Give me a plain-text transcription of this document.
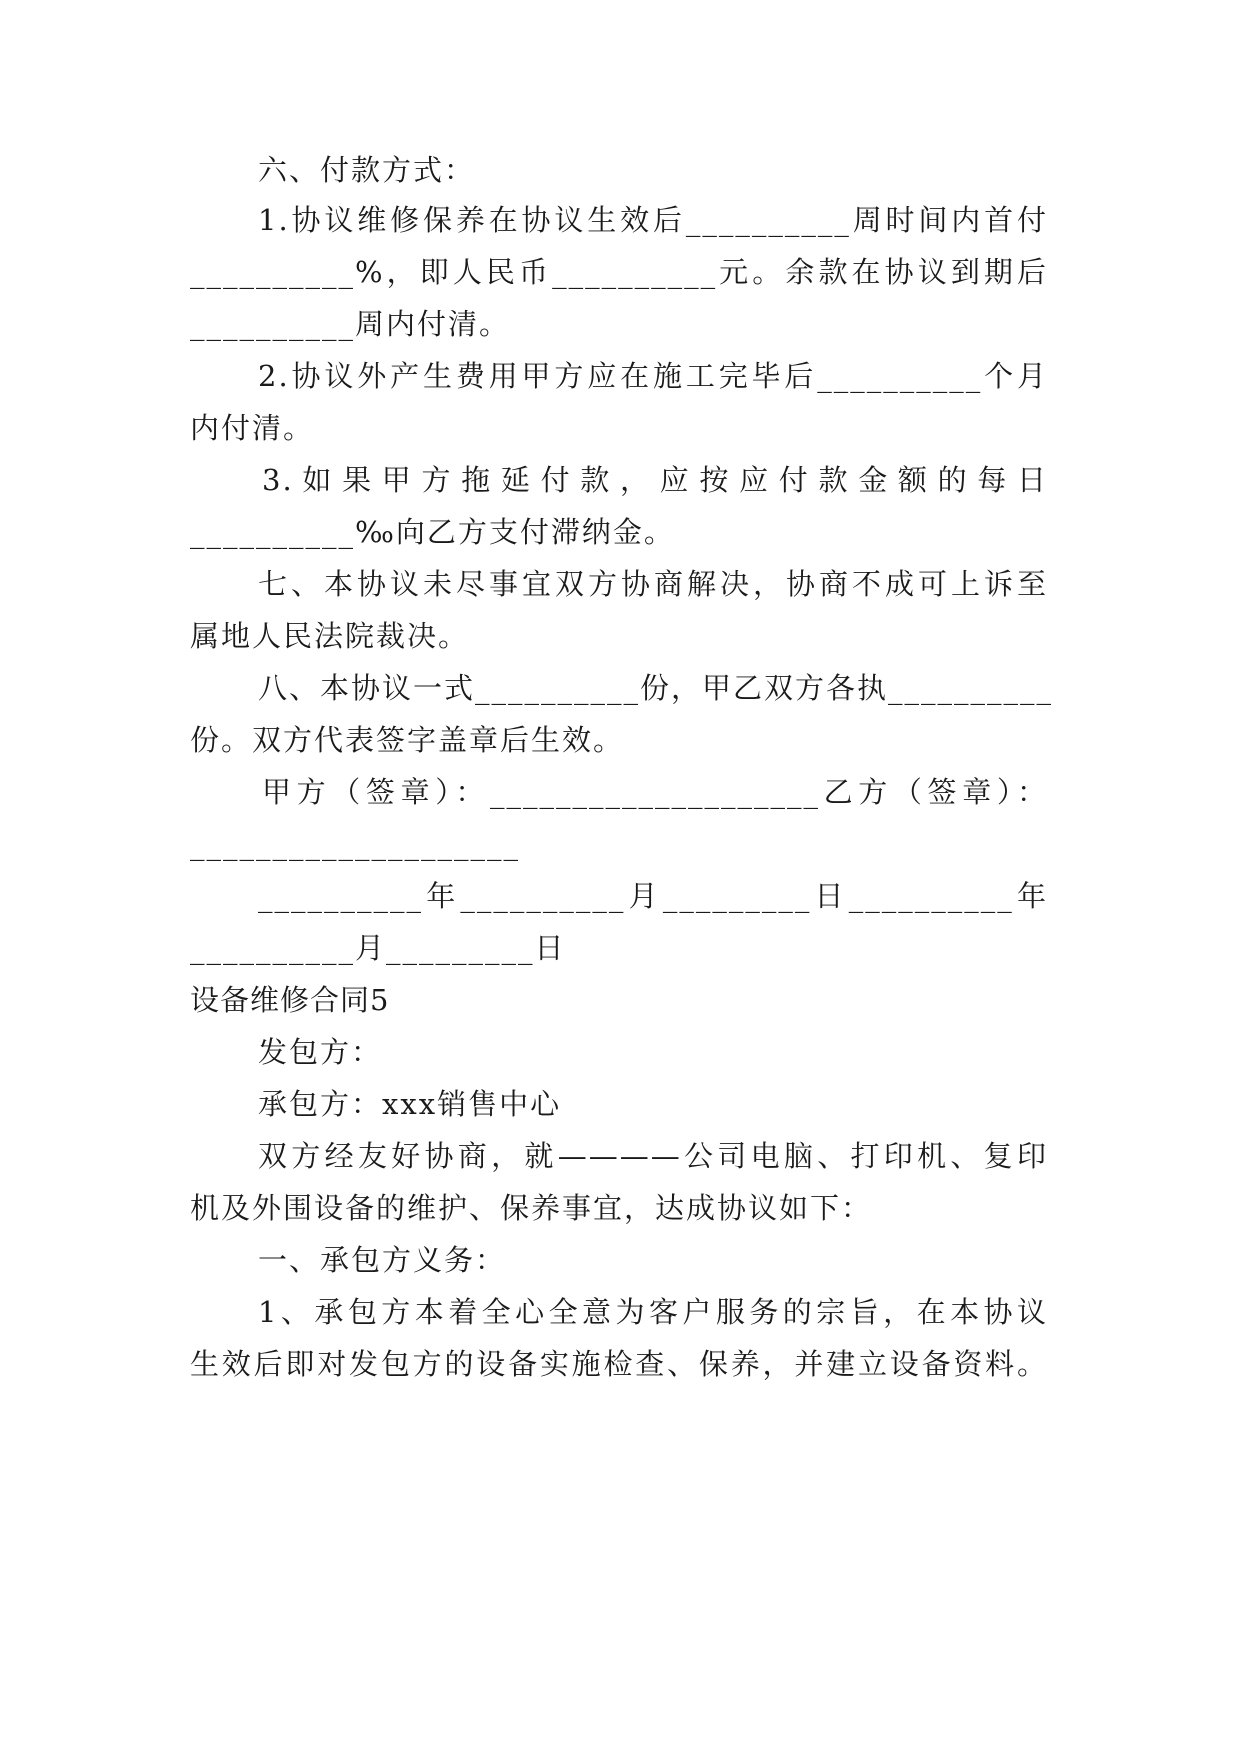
六、付款方式：
1.协议维修保养在协议生效后__________周时间内首付
__________%，即人民币__________元。余款在协议到期后
__________周内付清。
2.协议外产生费用甲方应在施工完毕后__________个月
内付清。
3.如果甲方拖延付款，应按应付款金额的每日
__________‰向乙方支付滞纳金。
七、本协议未尽事宜双方协商解决，协商不成可上诉至
属地人民法院裁决。
八、本协议一式__________份，甲乙双方各执__________
份。双方代表签字盖章后生效。
甲方（签章）：____________________乙方（签章）：
____________________
__________年__________月_________日__________年
__________月_________日
设备维修合同5
发包方：
承包方：xxx销售中心
双方经友好协商，就————公司电脑、打印机、复印
机及外围设备的维护、保养事宜，达成协议如下：
一、承包方义务：
1、承包方本着全心全意为客户服务的宗旨，在本协议
生效后即对发包方的设备实施检查、保养，并建立设备资料。
